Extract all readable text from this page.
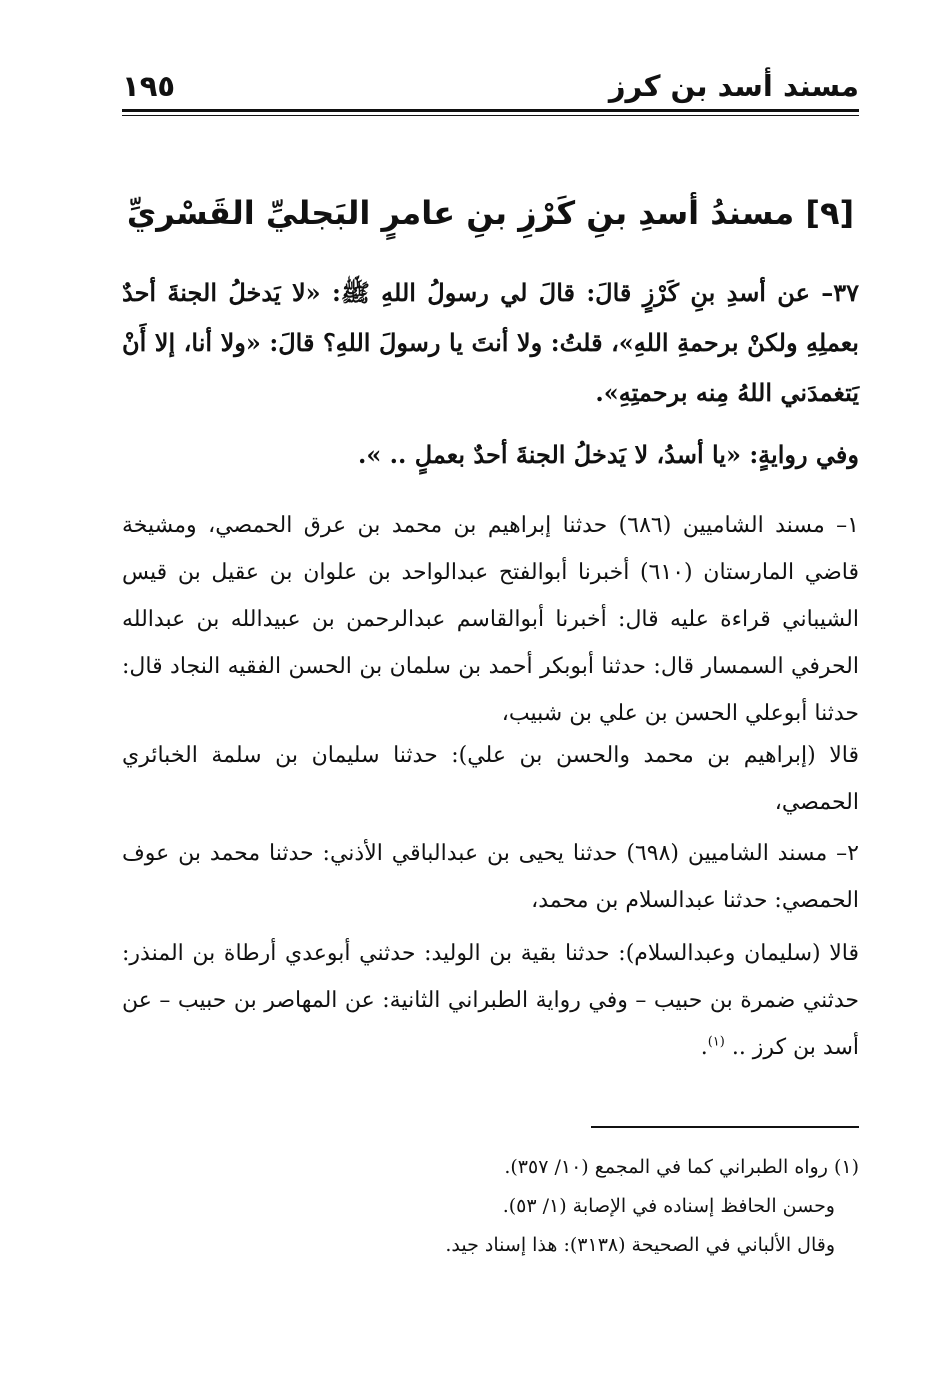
مسند أسد بن كرز
١٩٥
[٩] مسندُ أسدِ بنِ كَرْزِ بنِ عامرٍ البَجليِّ القَسْريِّ

٣٧– عن أسدِ بنِ كَرْزٍ قالَ: قالَ لي رسولُ اللهِ ﷺ: «لا يَدخلُ الجنةَ أحدٌ بعملِهِ ولكنْ برحمةِ اللهِ»، قلتُ: ولا أنتَ يا رسولَ اللهِ؟ قالَ: «ولا أنا، إلا أَنْ يَتغمدَني اللهُ مِنه برحمتِهِ».

وفي روايةٍ: «يا أسدُ، لا يَدخلُ الجنةَ أحدٌ بعملٍ .. ».

١– مسند الشاميين (٦٨٦) حدثنا إبراهيم بن محمد بن عرق الحمصي، ومشيخة قاضي المارستان (٦١٠) أخبرنا أبوالفتح عبدالواحد بن علوان بن عقيل بن قيس الشيباني قراءة عليه قال: أخبرنا أبوالقاسم عبدالرحمن بن عبيدالله بن عبدالله الحرفي السمسار قال: حدثنا أبوبكر أحمد بن سلمان بن الحسن الفقيه النجاد قال: حدثنا أبوعلي الحسن بن علي بن شبيب،

قالا (إبراهيم بن محمد والحسن بن علي): حدثنا سليمان بن سلمة الخبائري الحمصي،

٢– مسند الشاميين (٦٩٨) حدثنا يحيى بن عبدالباقي الأذني: حدثنا محمد بن عوف الحمصي: حدثنا عبدالسلام بن محمد،

قالا (سليمان وعبدالسلام): حدثنا بقية بن الوليد: حدثني أبوعدي أرطاة بن المنذر: حدثني ضمرة بن حبيب – وفي رواية الطبراني الثانية: عن المهاصر بن حبيب – عن أسد بن كرز .. $^{(١)}$.

(١) رواه الطبراني كما في المجمع (١٠/ ٣٥٧).
وحسن الحافظ إسناده في الإصابة (١/ ٥٣).
وقال الألباني في الصحيحة (٣١٣٨): هذا إسناد جيد.
